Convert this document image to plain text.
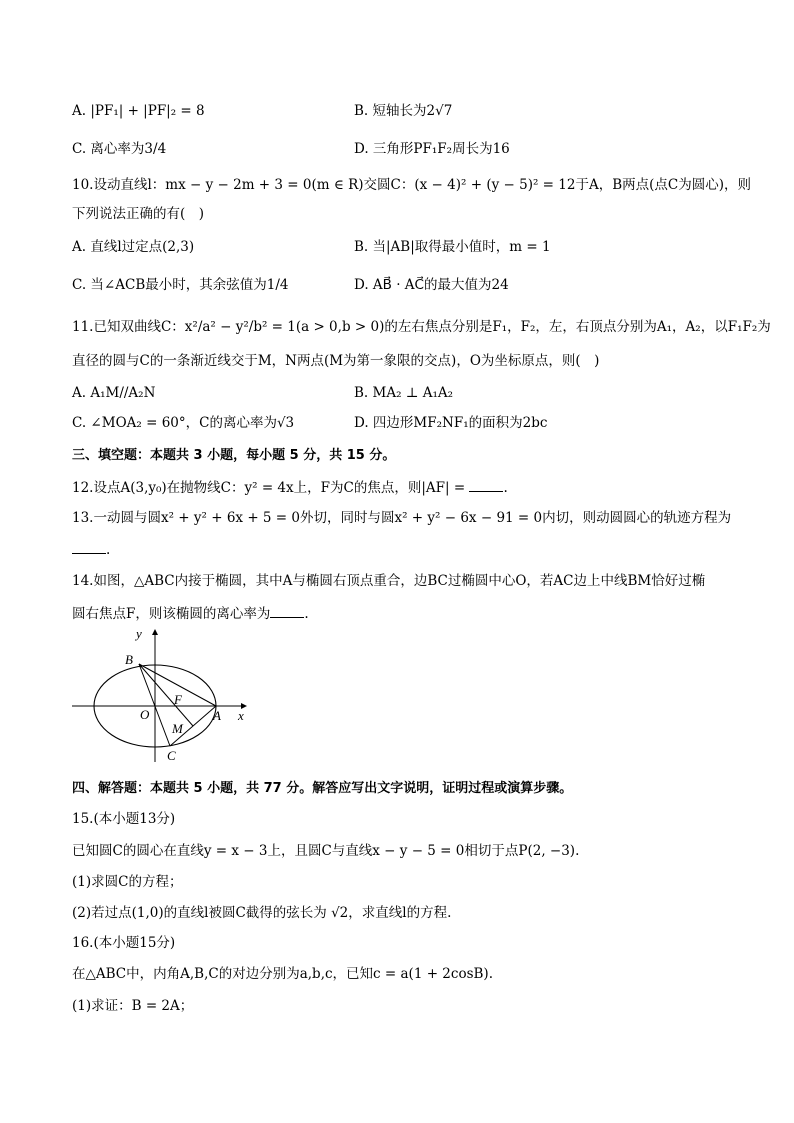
A. |PF₁| + |PF|₂ = 8	B. 短轴长为2√7
C. 离心率为3/4	D. 三角形PF₁F₂周长为16
10.设动直线l：mx − y − 2m + 3 = 0(m ∈ R)交圆C：(x − 4)² + (y − 5)² = 12于A，B两点(点C为圆心)，则
下列说法正确的有( )
A. 直线l过定点(2,3)	B. 当|AB|取得最小值时，m = 1
C. 当∠ACB最小时，其余弦值为1/4	D. AB⃗ · AC⃗的最大值为24
11.已知双曲线C：x²/a² − y²/b² = 1(a > 0,b > 0)的左右焦点分别是F₁，F₂，左，右顶点分别为A₁，A₂，以F₁F₂为
直径的圆与C的一条渐近线交于M，N两点(M为第一象限的交点)，O为坐标原点，则( )
A. A₁M//A₂N	B. MA₂ ⊥ A₁A₂
C. ∠MOA₂ = 60°，C的离心率为√3	D. 四边形MF₂NF₁的面积为2bc
三、填空题：本题共 3 小题，每小题 5 分，共 15 分。
12.设点A(3,y₀)在抛物线C：y² = 4x上，F为C的焦点，则|AF| =	.
13.一动圆与圆x² + y² + 6x + 5 = 0外切，同时与圆x² + y² − 6x − 91 = 0内切，则动圆圆心的轨迹方程为
.
14.如图，△ABC内接于椭圆，其中A与椭圆右顶点重合，边BC过椭圆中心O，若AC边上中线BM恰好过椭
圆右焦点F，则该椭圆的离心率为	.
y
x
B
O
F
A
M
C
四、解答题：本题共 5 小题，共 77 分。解答应写出文字说明，证明过程或演算步骤。
15.(本小题13分)
已知圆C的圆心在直线y = x − 3上，且圆C与直线x − y − 5 = 0相切于点P(2, −3).
(1)求圆C的方程；
(2)若过点(1,0)的直线l被圆C截得的弦长为 √2，求直线l的方程.
16.(本小题15分)
在△ABC中，内角A,B,C的对边分别为a,b,c，已知c = a(1 + 2cosB).
(1)求证：B = 2A；
